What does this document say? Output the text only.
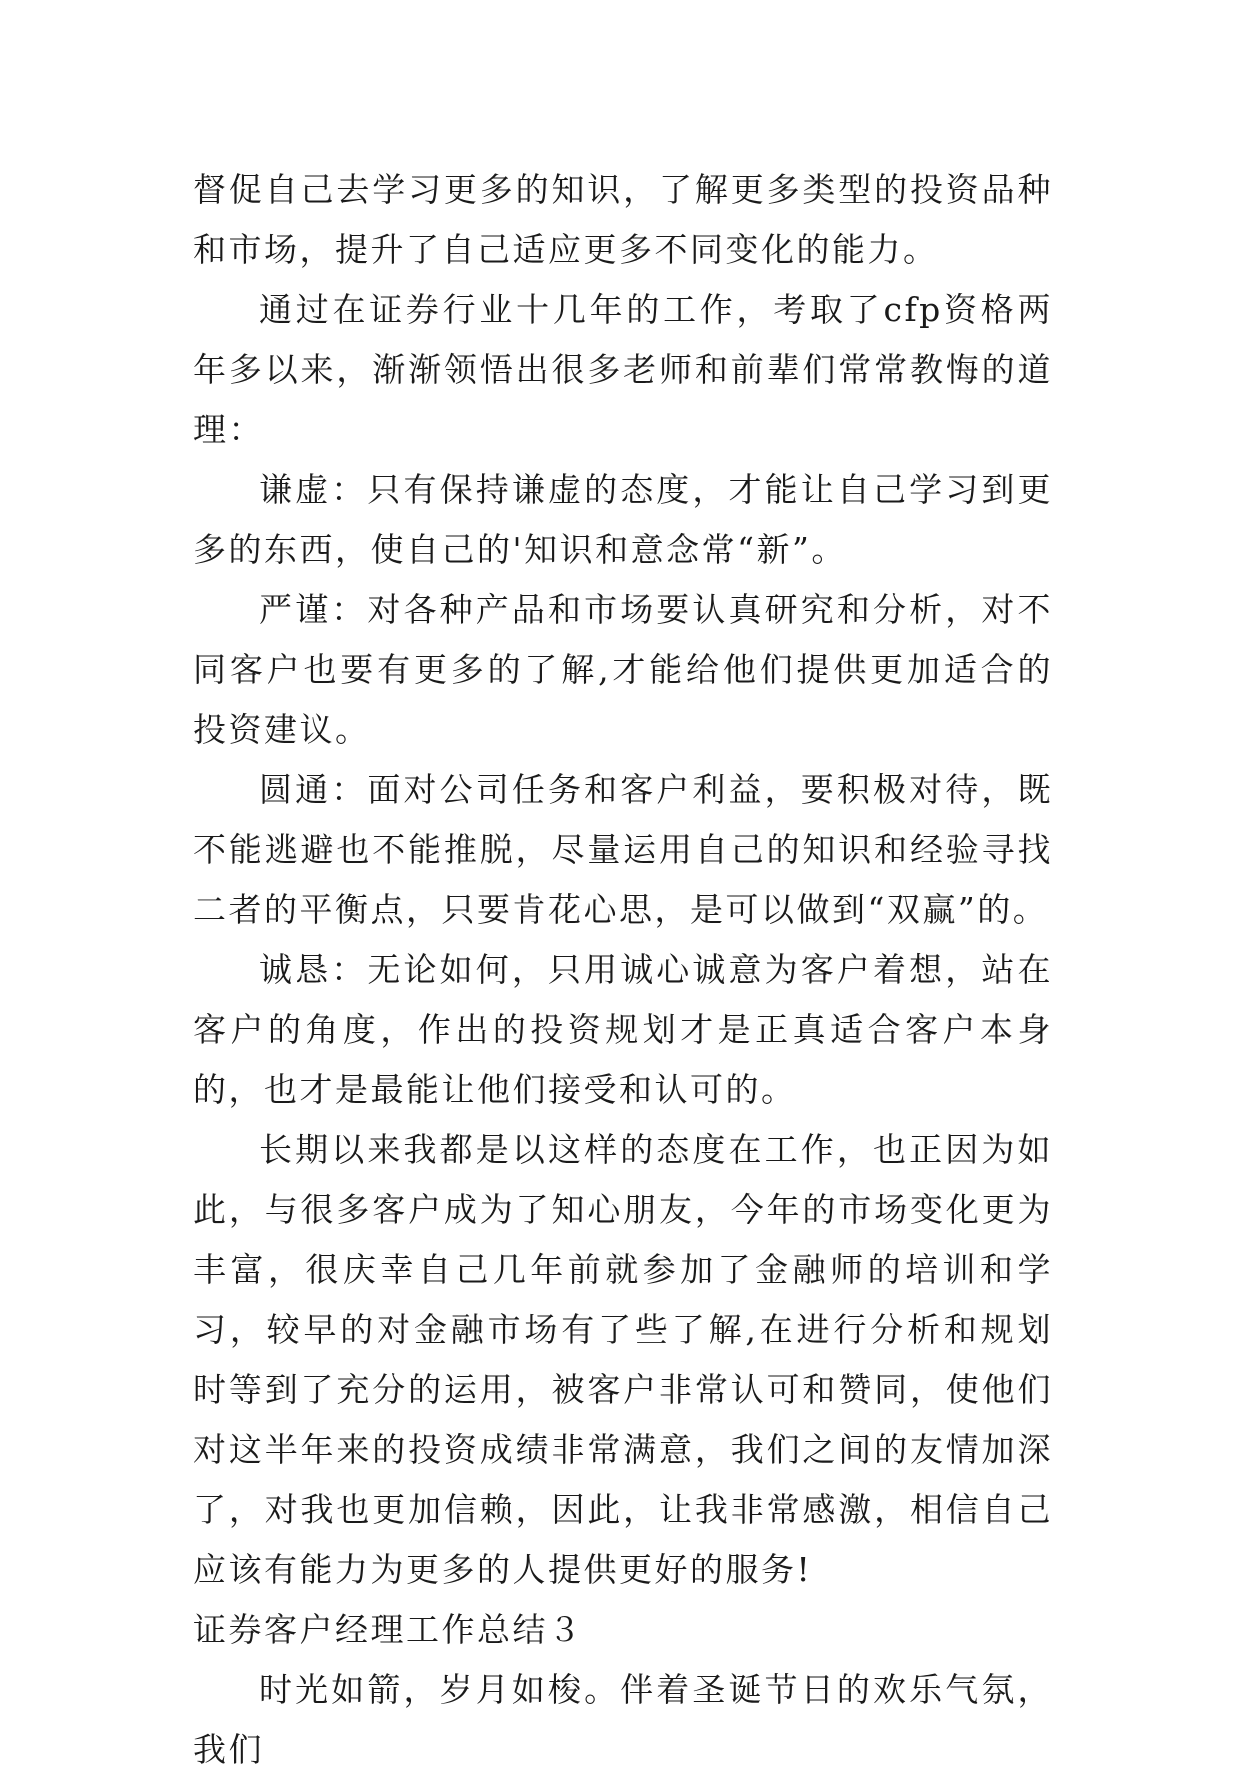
督促自己去学习更多的知识，了解更多类型的投资品种和市场，提升了自己适应更多不同变化的能力。

通过在证券行业十几年的工作，考取了cfp资格两年多以来，渐渐领悟出很多老师和前辈们常常教悔的道理：

谦虚：只有保持谦虚的态度，才能让自己学习到更多的东西，使自己的'知识和意念常“新”。

严谨：对各种产品和市场要认真研究和分析，对不同客户也要有更多的了解,才能给他们提供更加适合的投资建议。

圆通：面对公司任务和客户利益，要积极对待，既不能逃避也不能推脱，尽量运用自己的知识和经验寻找二者的平衡点，只要肯花心思，是可以做到“双赢”的。

诚恳：无论如何，只用诚心诚意为客户着想，站在客户的角度，作出的投资规划才是正真适合客户本身的，也才是最能让他们接受和认可的。

长期以来我都是以这样的态度在工作，也正因为如此，与很多客户成为了知心朋友，今年的市场变化更为丰富，很庆幸自己几年前就参加了金融师的培训和学习，较早的对金融市场有了些了解,在进行分析和规划时等到了充分的运用，被客户非常认可和赞同，使他们对这半年来的投资成绩非常满意，我们之间的友情加深了，对我也更加信赖，因此，让我非常感激，相信自己应该有能力为更多的人提供更好的服务!

证券客户经理工作总结３

时光如箭，岁月如梭。伴着圣诞节日的欢乐气氛，我们
